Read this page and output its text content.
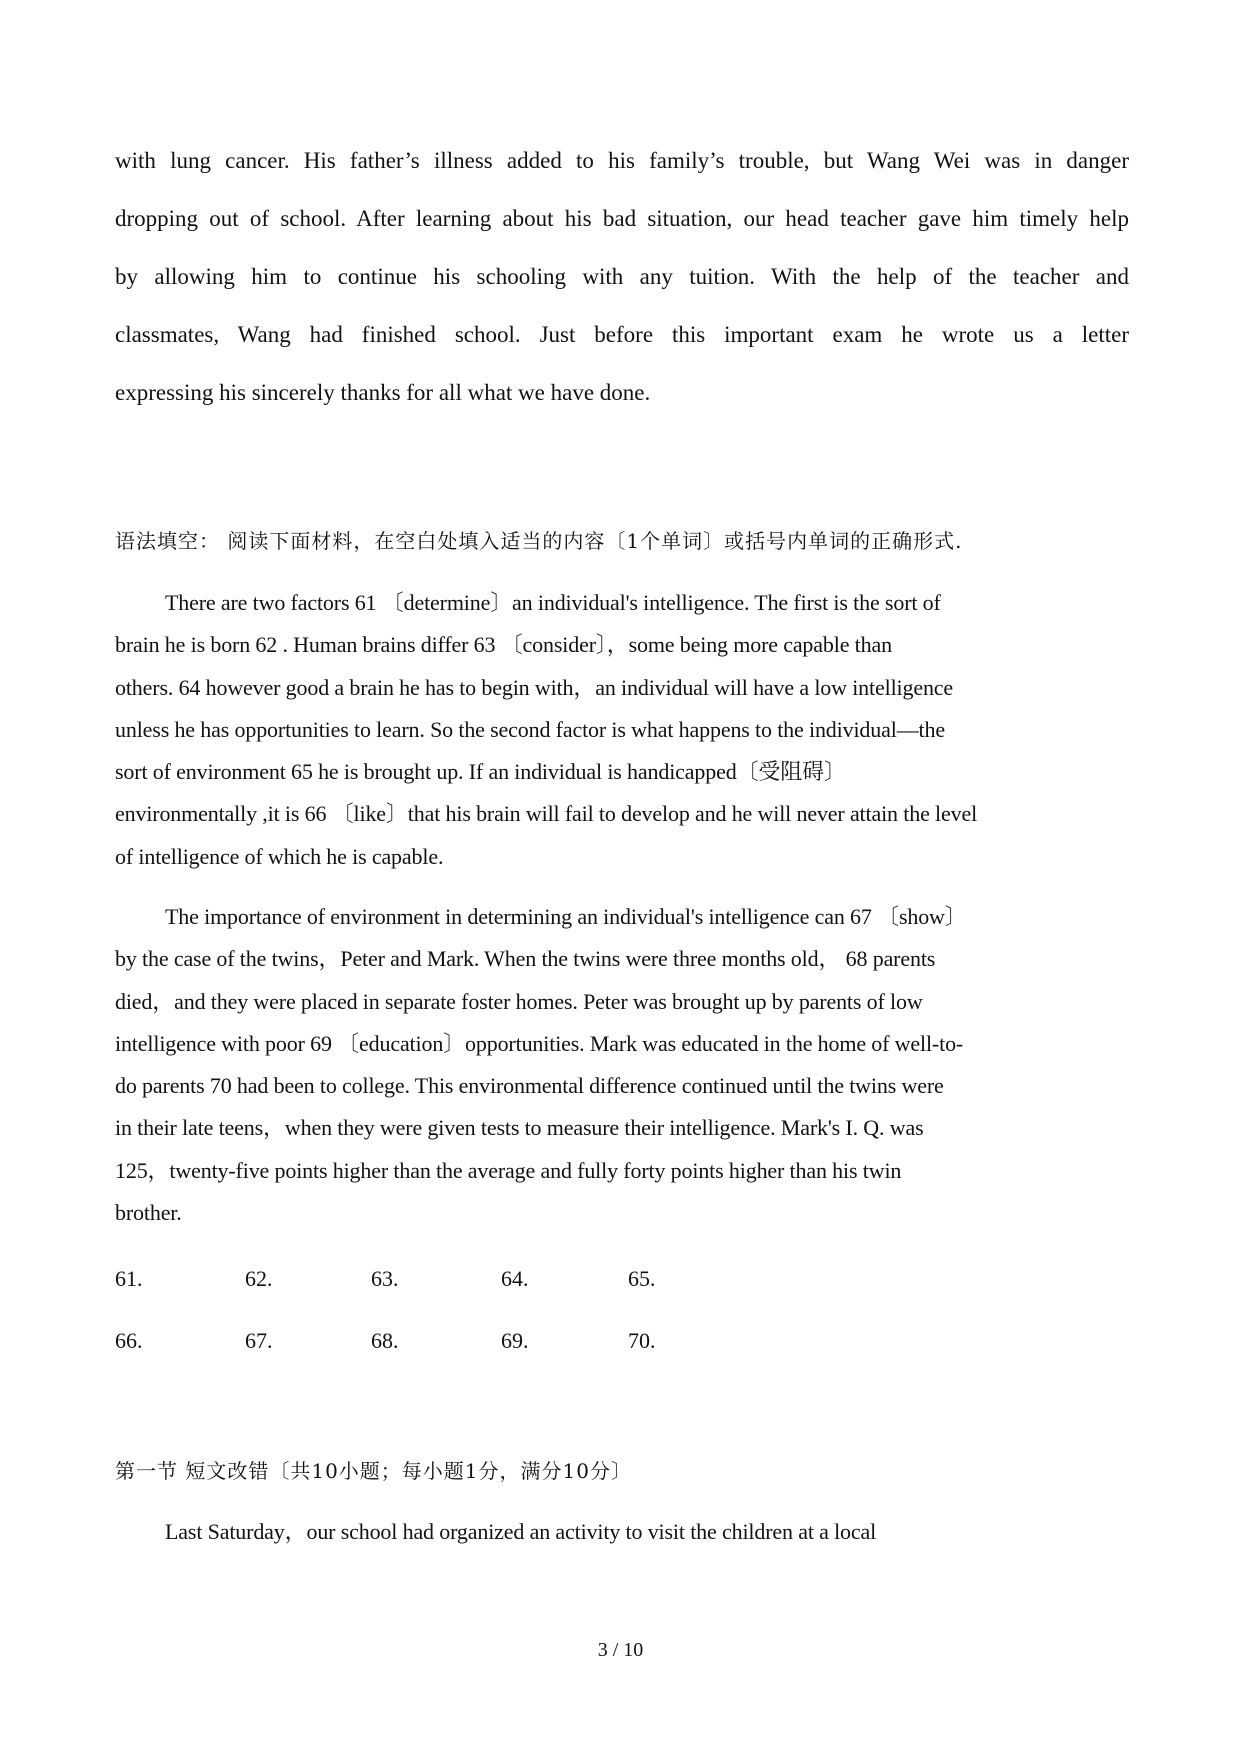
with lung cancer. His father’s illness added to his family’s trouble, but Wang Wei was in danger
dropping out of school. After learning about his bad situation, our head teacher gave him timely help
by allowing him to continue his schooling with any tuition. With the help of the teacher and
classmates, Wang had finished school. Just before this important exam he wrote us a letter
expressing his sincerely thanks for all what we have done.
语法填空： 阅读下面材料，在空白处填入适当的内容〔1个单词〕或括号内单词的正确形式.
There are two factors 61 〔determine〕an individual's intelligence. The first is the sort of
brain he is born 62 . Human brains differ 63 〔consider〕，some being more capable than
others. 64 however good a brain he has to begin with，an individual will have a low intelligence
unless he has opportunities to learn. So the second factor is what happens to the individual—the
sort of environment 65 he is brought up. If an individual is handicapped〔受阻碍〕
environmentally ,it is 66 〔like〕that his brain will fail to develop and he will never attain the level
of intelligence of which he is capable.
The importance of environment in determining an individual's intelligence can 67 〔show〕
by the case of the twins，Peter and Mark. When the twins were three months old， 68 parents
died，and they were placed in separate foster homes. Peter was brought up by parents of low
intelligence with poor 69 〔education〕opportunities. Mark was educated in the home of well-to-
do parents 70 had been to college. This environmental difference continued until the twins were
in their late teens，when they were given tests to measure their intelligence. Mark's I. Q. was
125，twenty-five points higher than the average and fully forty points higher than his twin
brother.
61.	62.	63.	64.	65.
66.	67.	68.	69.	70.
第一节 短文改错〔共10小题；每小题1分，满分10分〕
Last Saturday，our school had organized an activity to visit the children at a local
3 / 10
